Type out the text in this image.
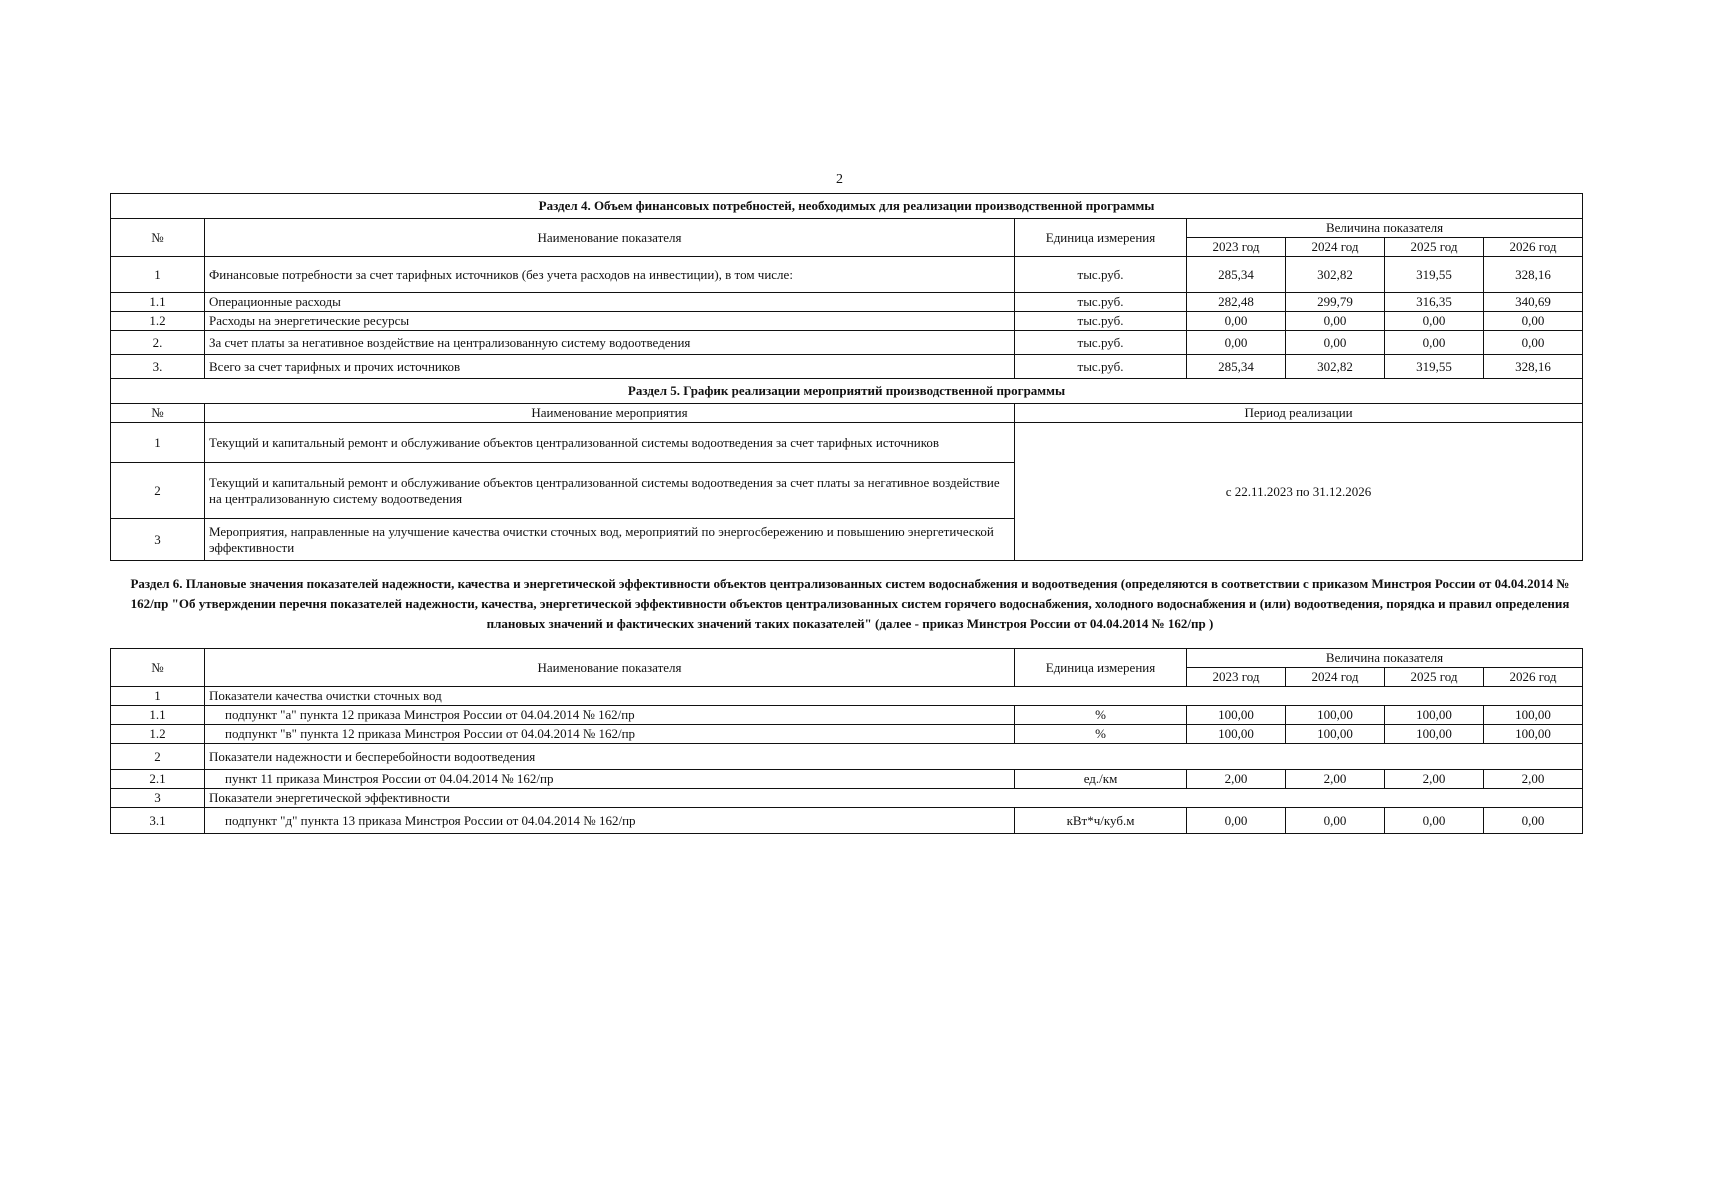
2
Раздел 4. Объем финансовых потребностей, необходимых для реализации производственной программы						
№	Наименование показателя	Единица измерения	Величина показателя			
			2023 год	2024 год	2025 год	2026 год
1	Финансовые потребности за счет тарифных источников (без учета расходов на инвестиции), в том числе:	тыс.руб.	285,34	302,82	319,55	328,16
1.1	Операционные расходы	тыс.руб.	282,48	299,79	316,35	340,69
1.2	Расходы на энергетические ресурсы	тыс.руб.	0,00	0,00	0,00	0,00
2.	За счет платы за негативное воздействие на централизованную систему водоотведения	тыс.руб.	0,00	0,00	0,00	0,00
3.	Всего за счет тарифных и прочих источников	тыс.руб.	285,34	302,82	319,55	328,16
Раздел 5. График реализации мероприятий производственной программы						
№	Наименование мероприятия	Период реализации				
1	Текущий и капитальный ремонт и обслуживание объектов централизованной системы водоотведения за счет тарифных источников	с 22.11.2023 по 31.12.2026				
2	Текущий и капитальный ремонт и обслуживание объектов централизованной системы водоотведения за счет платы за негативное воздействие на централизованную систему водоотведения					
3	Мероприятия, направленные на улучшение качества очистки сточных вод, мероприятий по энергосбережению и повышению энергетической эффективности					
Раздел 6. Плановые значения показателей надежности, качества и энергетической эффективности объектов централизованных систем водоснабжения и водоотведения (определяются в соответствии с приказом Минстроя России от 04.04.2014 № 162/пр "Об утверждении перечня показателей надежности, качества, энергетической эффективности объектов централизованных систем горячего водоснабжения, холодного водоснабжения и (или) водоотведения, порядка и правил определения плановых значений и фактических значений таких показателей" (далее - приказ Минстроя России от 04.04.2014 № 162/пр )
№	Наименование показателя	Единица измерения	Величина показателя			
			2023 год	2024 год	2025 год	2026 год
1	Показатели качества очистки сточных вод					
1.1	подпункт "а" пункта 12 приказа Минстроя России от 04.04.2014 № 162/пр	%	100,00	100,00	100,00	100,00
1.2	подпункт "в" пункта 12 приказа Минстроя России от 04.04.2014 № 162/пр	%	100,00	100,00	100,00	100,00
2	Показатели надежности и бесперебойности водоотведения					
2.1	пункт 11 приказа Минстроя России от 04.04.2014 № 162/пр	ед./км	2,00	2,00	2,00	2,00
3	Показатели энергетической эффективности					
3.1	подпункт "д" пункта 13 приказа Минстроя России от 04.04.2014 № 162/пр	кВт*ч/куб.м	0,00	0,00	0,00	0,00
